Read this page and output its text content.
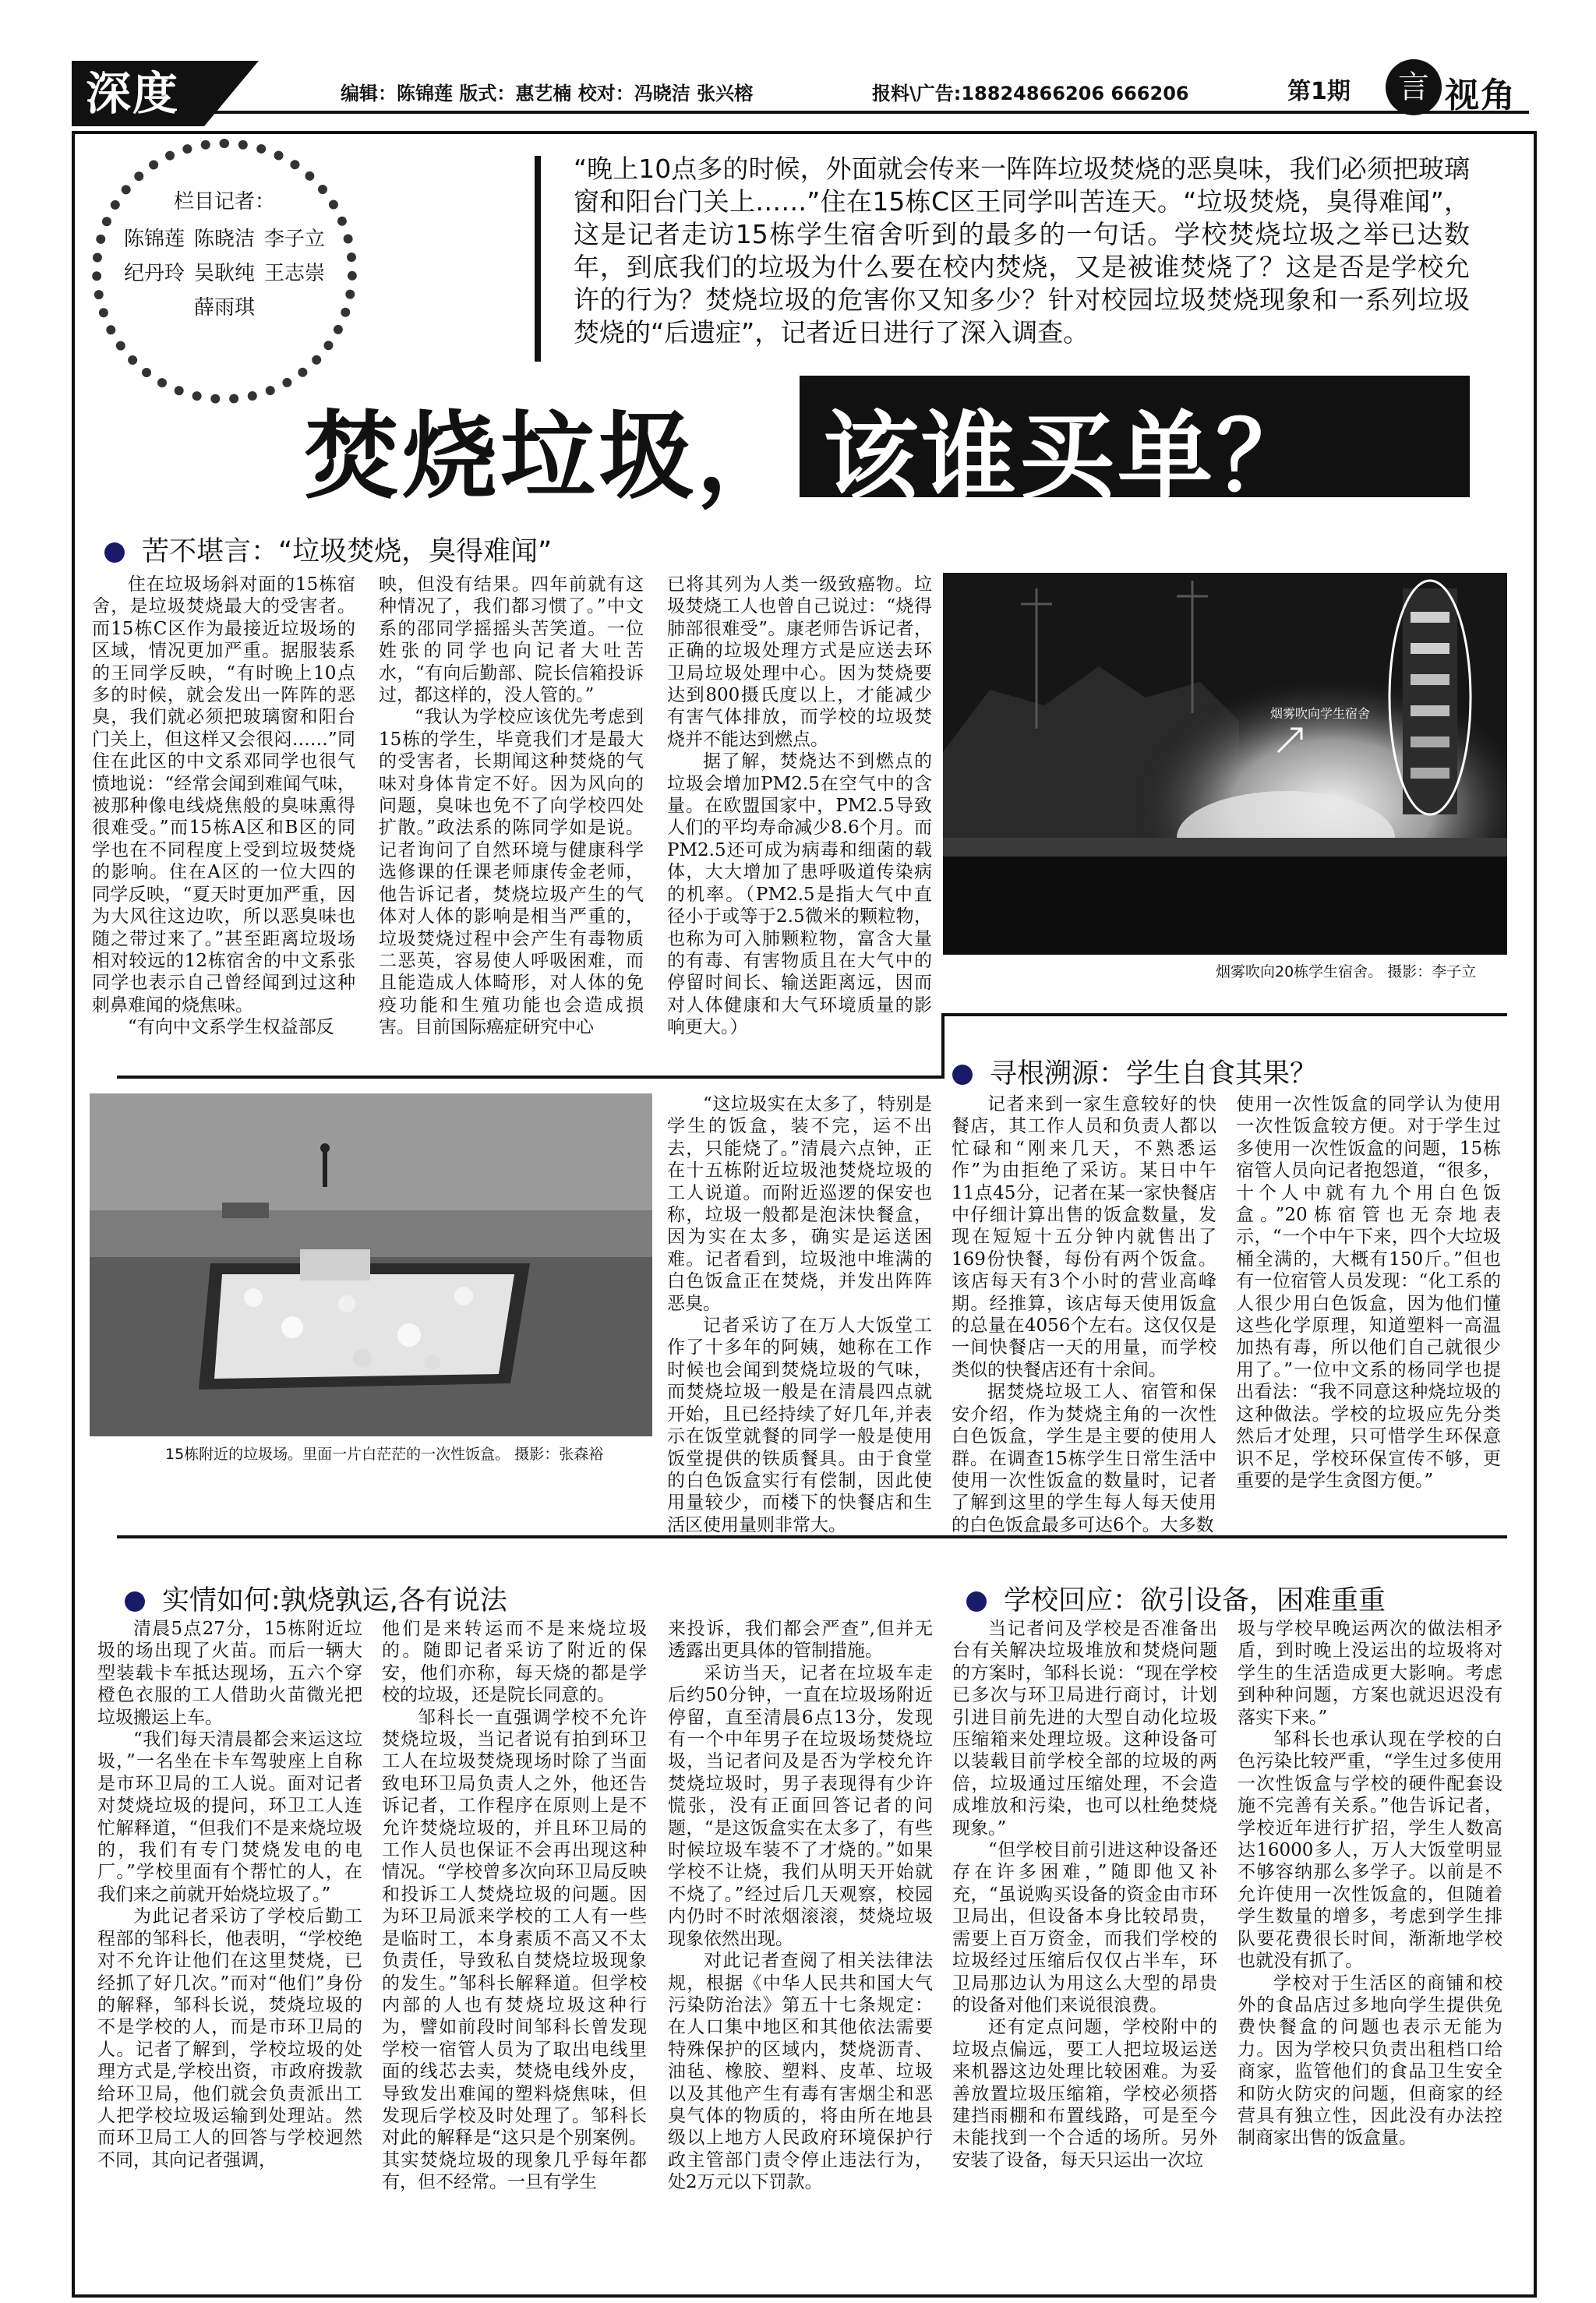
深度	编辑：陈锦莲 版式：惠艺楠 校对：冯晓洁 张兴榕	报料\广告:18824866206 666206	第1期	言 视角
栏目记者：
陈锦莲 陈晓洁 李子立
纪丹玲 吴耿纯 王志崇
薛雨琪
“晚上10点多的时候，外面就会传来一阵阵垃圾焚烧的恶臭味，我们必须把玻璃窗和阳台门关上……”住在15栋C区王同学叫苦连天。“垃圾焚烧，臭得难闻”，这是记者走访15栋学生宿舍听到的最多的一句话。学校焚烧垃圾之举已达数年，到底我们的垃圾为什么要在校内焚烧，又是被谁焚烧了？这是否是学校允许的行为？焚烧垃圾的危害你又知多少？针对校园垃圾焚烧现象和一系列垃圾焚烧的“后遗症”，记者近日进行了深入调查。
焚烧垃圾， 该谁买单？
苦不堪言：“垃圾焚烧，臭得难闻”

住在垃圾场斜对面的15栋宿舍，是垃圾焚烧最大的受害者。而15栋C区作为最接近垃圾场的区域，情况更加严重。据服装系的王同学反映，“有时晚上10点多的时候，就会发出一阵阵的恶臭，我们就必须把玻璃窗和阳台门关上，但这样又会很闷……”同住在此区的中文系邓同学也很气愤地说：“经常会闻到难闻气味，被那种像电线烧焦般的臭味熏得很难受。”而15栋A区和B区的同学也在不同程度上受到垃圾焚烧的影响。住在A区的一位大四的同学反映，“夏天时更加严重，因为大风往这边吹，所以恶臭味也随之带过来了。”甚至距离垃圾场相对较远的12栋宿舍的中文系张同学也表示自己曾经闻到过这种刺鼻难闻的烧焦味。

“有向中文系学生权益部反

映，但没有结果。四年前就有这种情况了，我们都习惯了。”中文系的邵同学摇摇头苦笑道。一位姓张的同学也向记者大吐苦水，“有向后勤部、院长信箱投诉过，都这样的，没人管的。”

“我认为学校应该优先考虑到15栋的学生，毕竟我们才是最大的受害者，长期闻这种焚烧的气味对身体肯定不好。因为风向的问题，臭味也免不了向学校四处扩散。”政法系的陈同学如是说。记者询问了自然环境与健康科学选修课的任课老师康传金老师，他告诉记者，焚烧垃圾产生的气体对人体的影响是相当严重的，垃圾焚烧过程中会产生有毒物质二恶英，容易使人呼吸困难，而且能造成人体畸形，对人体的免疫功能和生殖功能也会造成损害。目前国际癌症研究中心

已将其列为人类一级致癌物。垃圾焚烧工人也曾自己说过：“烧得肺部很难受”。康老师告诉记者，正确的垃圾处理方式是应送去环卫局垃圾处理中心。因为焚烧要达到800摄氏度以上，才能减少有害气体排放，而学校的垃圾焚烧并不能达到燃点。

据了解，焚烧达不到燃点的垃圾会增加PM2.5在空气中的含量。在欧盟国家中，PM2.5导致人们的平均寿命减少8.6个月。而PM2.5还可成为病毒和细菌的载体，大大增加了患呼吸道传染病的机率。（PM2.5是指大气中直径小于或等于2.5微米的颗粒物，也称为可入肺颗粒物，富含大量的有毒、有害物质且在大气中的停留时间长、输送距离远，因而对人体健康和大气环境质量的影响更大。）

烟雾吹向学生宿舍
烟雾吹向20栋学生宿舍。 摄影：李子立
寻根溯源：学生自食其果？
15栋附近的垃圾场。里面一片白茫茫的一次性饭盒。 摄影：张森裕

“这垃圾实在太多了，特别是学生的饭盒，装不完，运不出去，只能烧了。”清晨六点钟，正在十五栋附近垃圾池焚烧垃圾的工人说道。而附近巡逻的保安也称，垃圾一般都是泡沫快餐盒，因为实在太多，确实是运送困难。记者看到，垃圾池中堆满的白色饭盒正在焚烧，并发出阵阵恶臭。

记者采访了在万人大饭堂工作了十多年的阿姨，她称在工作时候也会闻到焚烧垃圾的气味，而焚烧垃圾一般是在清晨四点就开始，且已经持续了好几年,并表示在饭堂就餐的同学一般是使用饭堂提供的铁质餐具。由于食堂的白色饭盒实行有偿制，因此使用量较少，而楼下的快餐店和生活区使用量则非常大。

记者来到一家生意较好的快餐店，其工作人员和负责人都以忙碌和“刚来几天，不熟悉运作”为由拒绝了采访。某日中午11点45分，记者在某一家快餐店中仔细计算出售的饭盒数量，发现在短短十五分钟内就售出了169份快餐，每份有两个饭盒。该店每天有3个小时的营业高峰期。经推算，该店每天使用饭盒的总量在4056个左右。这仅仅是一间快餐店一天的用量，而学校类似的快餐店还有十余间。

据焚烧垃圾工人、宿管和保安介绍，作为焚烧主角的一次性白色饭盒，学生是主要的使用人群。在调查15栋学生日常生活中使用一次性饭盒的数量时，记者了解到这里的学生每人每天使用的白色饭盒最多可达6个。大多数

使用一次性饭盒的同学认为使用一次性饭盒较方便。对于学生过多使用一次性饭盒的问题，15栋宿管人员向记者抱怨道，“很多，十个人中就有九个用白色饭盒。”20栋宿管也无奈地表示，“一个中午下来，四个大垃圾桶全满的，大概有150斤。”但也有一位宿管人员发现：“化工系的人很少用白色饭盒，因为他们懂这些化学原理，知道塑料一高温加热有毒，所以他们自己就很少用了。”一位中文系的杨同学也提出看法：“我不同意这种烧垃圾的这种做法。学校的垃圾应先分类然后才处理，只可惜学生环保意识不足，学校环保宣传不够，更重要的是学生贪图方便。”

实情如何:孰烧孰运,各有说法

清晨5点27分，15栋附近垃圾的场出现了火苗。而后一辆大型装载卡车抵达现场，五六个穿橙色衣服的工人借助火苗微光把垃圾搬运上车。

“我们每天清晨都会来运这垃圾，”一名坐在卡车驾驶座上自称是市环卫局的工人说。面对记者对焚烧垃圾的提问，环卫工人连忙解释道，“但我们不是来烧垃圾的，我们有专门焚烧发电的电厂。”学校里面有个帮忙的人，在我们来之前就开始烧垃圾了。”

为此记者采访了学校后勤工程部的邹科长，他表明，“学校绝对不允许让他们在这里焚烧，已经抓了好几次。”而对“他们”身份的解释，邹科长说，焚烧垃圾的不是学校的人，而是市环卫局的人。记者了解到，学校垃圾的处理方式是,学校出资，市政府拨款给环卫局，他们就会负责派出工人把学校垃圾运输到处理站。然而环卫局工人的回答与学校迥然不同，其向记者强调，

他们是来转运而不是来烧垃圾的。随即记者采访了附近的保安，他们亦称，每天烧的都是学校的垃圾，还是院长同意的。

邹科长一直强调学校不允许焚烧垃圾，当记者说有拍到环卫工人在垃圾焚烧现场时除了当面致电环卫局负责人之外，他还告诉记者，工作程序在原则上是不允许焚烧垃圾的，并且环卫局的工作人员也保证不会再出现这种情况。“学校曾多次向环卫局反映和投诉工人焚烧垃圾的问题。因为环卫局派来学校的工人有一些是临时工，本身素质不高又不太负责任，导致私自焚烧垃圾现象的发生。”邹科长解释道。但学校内部的人也有焚烧垃圾这种行为，譬如前段时间邹科长曾发现学校一宿管人员为了取出电线里面的线芯去卖，焚烧电线外皮，导致发出难闻的塑料烧焦味，但发现后学校及时处理了。邹科长对此的解释是“这只是个别案例。其实焚烧垃圾的现象几乎每年都有，但不经常。一旦有学生

来投诉，我们都会严查”,但并无透露出更具体的管制措施。

采访当天，记者在垃圾车走后约50分钟，一直在垃圾场附近停留，直至清晨6点13分，发现有一个中年男子在垃圾场焚烧垃圾，当记者问及是否为学校允许焚烧垃圾时，男子表现得有少许慌张，没有正面回答记者的问题，“是这饭盒实在太多了，有些时候垃圾车装不了才烧的。”如果学校不让烧，我们从明天开始就不烧了。”经过后几天观察，校园内仍时不时浓烟滚滚，焚烧垃圾现象依然出现。

对此记者查阅了相关法律法规，根据《中华人民共和国大气污染防治法》第五十七条规定：在人口集中地区和其他依法需要特殊保护的区域内，焚烧沥青、油毡、橡胶、塑料、皮革、垃圾以及其他产生有毒有害烟尘和恶臭气体的物质的，将由所在地县级以上地方人民政府环境保护行政主管部门责令停止违法行为，处2万元以下罚款。

学校回应：欲引设备，困难重重

当记者问及学校是否准备出台有关解决垃圾堆放和焚烧问题的方案时，邹科长说：“现在学校已多次与环卫局进行商讨，计划引进目前先进的大型自动化垃圾压缩箱来处理垃圾。这种设备可以装载目前学校全部的垃圾的两倍，垃圾通过压缩处理，不会造成堆放和污染，也可以杜绝焚烧现象。”

“但学校目前引进这种设备还存在许多困难，”随即他又补充，“虽说购买设备的资金由市环卫局出，但设备本身比较昂贵，需要上百万资金，而我们学校的垃圾经过压缩后仅仅占半车，环卫局那边认为用这么大型的昂贵的设备对他们来说很浪费。

还有定点问题，学校附中的垃圾点偏远，要工人把垃圾运送来机器这边处理比较困难。为妥善放置垃圾压缩箱，学校必须搭建挡雨棚和布置线路，可是至今未能找到一个合适的场所。另外安装了设备，每天只运出一次垃

圾与学校早晚运两次的做法相矛盾，到时晚上没运出的垃圾将对学生的生活造成更大影响。考虑到种种问题，方案也就迟迟没有落实下来。”

邹科长也承认现在学校的白色污染比较严重，“学生过多使用一次性饭盒与学校的硬件配套设施不完善有关系。”他告诉记者，学校近年进行扩招，学生人数高达16000多人，万人大饭堂明显不够容纳那么多学子。以前是不允许使用一次性饭盒的，但随着学生数量的增多，考虑到学生排队要花费很长时间，渐渐地学校也就没有抓了。

学校对于生活区的商铺和校外的食品店过多地向学生提供免费快餐盒的问题也表示无能为力。因为学校只负责出租档口给商家，监管他们的食品卫生安全和防火防灾的问题，但商家的经营具有独立性，因此没有办法控制商家出售的饭盒量。
